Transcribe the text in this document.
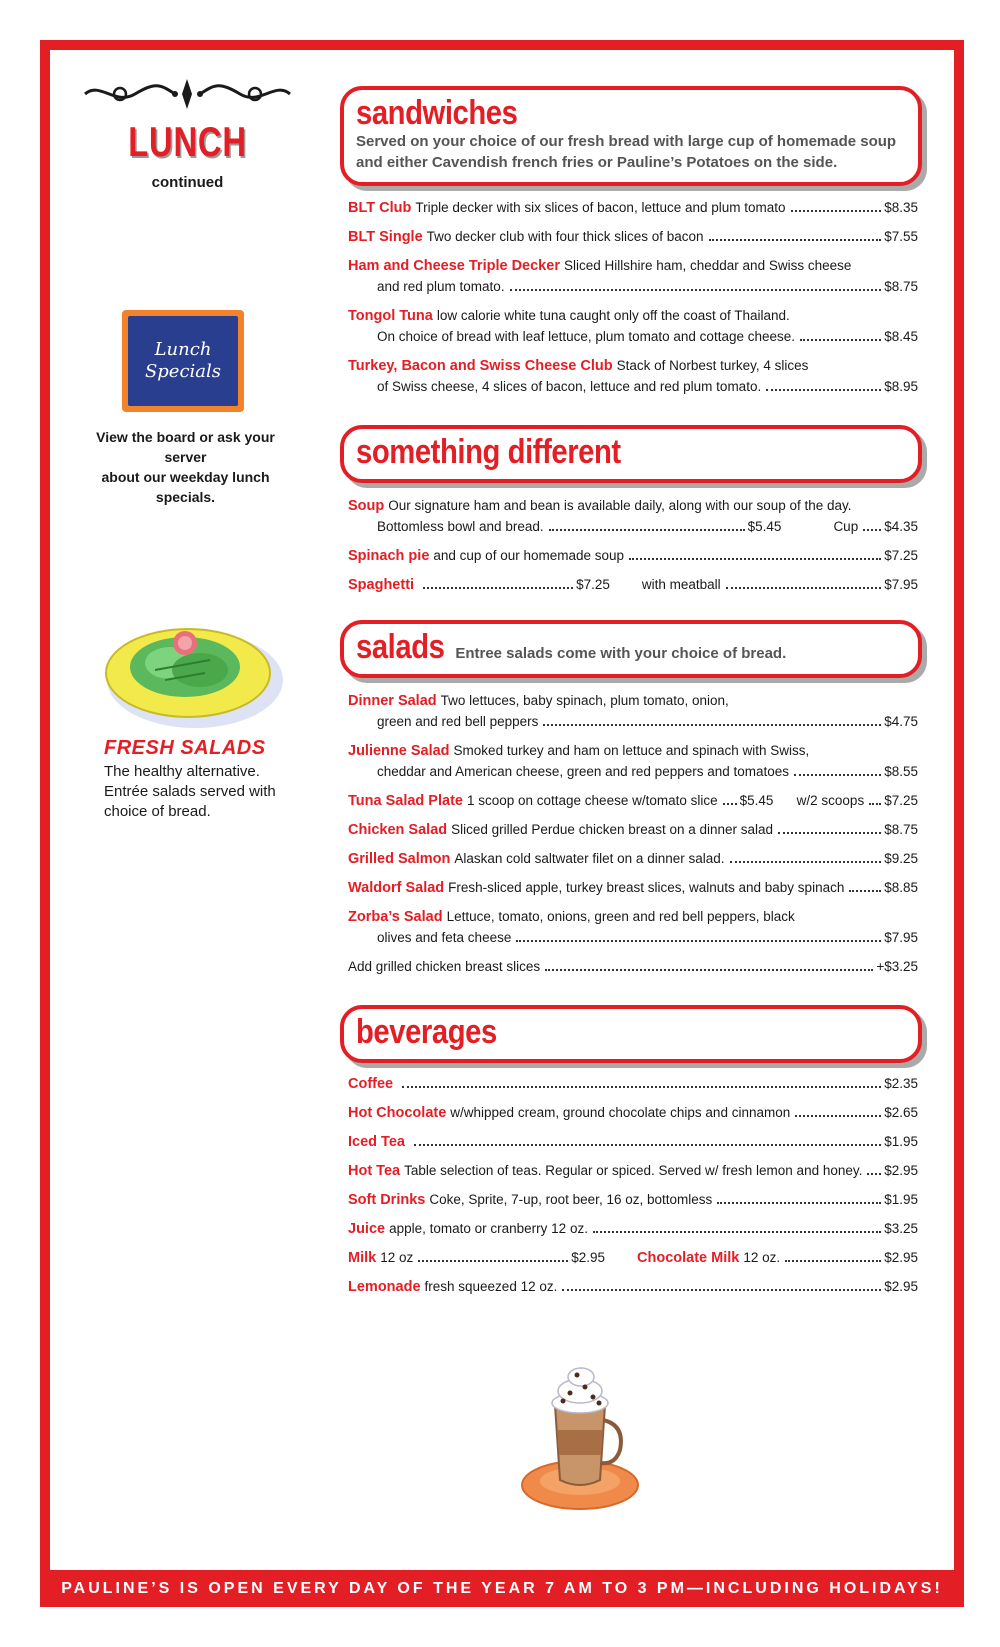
LUNCH
continued
Lunch
Specials
View the board or ask your server
about our weekday lunch specials.
FRESH SALADS
The healthy alternative.
Entrée salads served with
choice of bread.
sandwiches
Served on your choice of our fresh bread with large cup of homemade soup
and either Cavendish french fries or Pauline’s Potatoes on the side.
BLT Club Triple decker with six slices of bacon, lettuce and plum tomato	$8.35
BLT Single Two decker club with four thick slices of bacon	$7.55
Ham and Cheese Triple Decker Sliced Hillshire ham, cheddar and Swiss cheese
and red plum tomato.	$8.75
Tongol Tuna low calorie white tuna caught only off the coast of Thailand.
On choice of bread with leaf lettuce, plum tomato and cottage cheese.	$8.45
Turkey, Bacon and Swiss Cheese Club Stack of Norbest turkey, 4 slices
of Swiss cheese, 4 slices of bacon, lettuce and red plum tomato.	$8.95
something different
Soup Our signature ham and bean is available daily, along with our soup of the day.
Bottomless bowl and bread.	$5.45	Cup $4.35
Spinach pie and cup of our homemade soup	$7.25
Spaghetti	$7.25 with meatball	$7.95
salads Entree salads come with your choice of bread.
Dinner Salad Two lettuces, baby spinach, plum tomato, onion,
green and red bell peppers	$4.75
Julienne Salad Smoked turkey and ham on lettuce and spinach with Swiss,
cheddar and American cheese, green and red peppers and tomatoes	$8.55
Tuna Salad Plate 1 scoop on cottage cheese w/tomato slice $5.45 w/2 scoops $7.25
Chicken Salad Sliced grilled Perdue chicken breast on a dinner salad	$8.75
Grilled Salmon Alaskan cold saltwater filet on a dinner salad.	$9.25
Waldorf Salad Fresh-sliced apple, turkey breast slices, walnuts and baby spinach	$8.85
Zorba’s Salad Lettuce, tomato, onions, green and red bell peppers, black
olives and feta cheese	$7.95
Add grilled chicken breast slices	+$3.25
beverages
Coffee	$2.35
Hot Chocolate w/whipped cream, ground chocolate chips and cinnamon	$2.65
Iced Tea	$1.95
Hot Tea Table selection of teas. Regular or spiced. Served w/ fresh lemon and honey. $2.95
Soft Drinks Coke, Sprite, 7-up, root beer, 16 oz, bottomless	$1.95
Juice apple, tomato or cranberry 12 oz.	$3.25
Milk 12 oz	$2.95 Chocolate Milk 12 oz.	$2.95
Lemonade fresh squeezed 12 oz.	$2.95
PAULINE’S IS OPEN EVERY DAY OF THE YEAR 7 AM TO 3 PM—INCLUDING HOLIDAYS!
